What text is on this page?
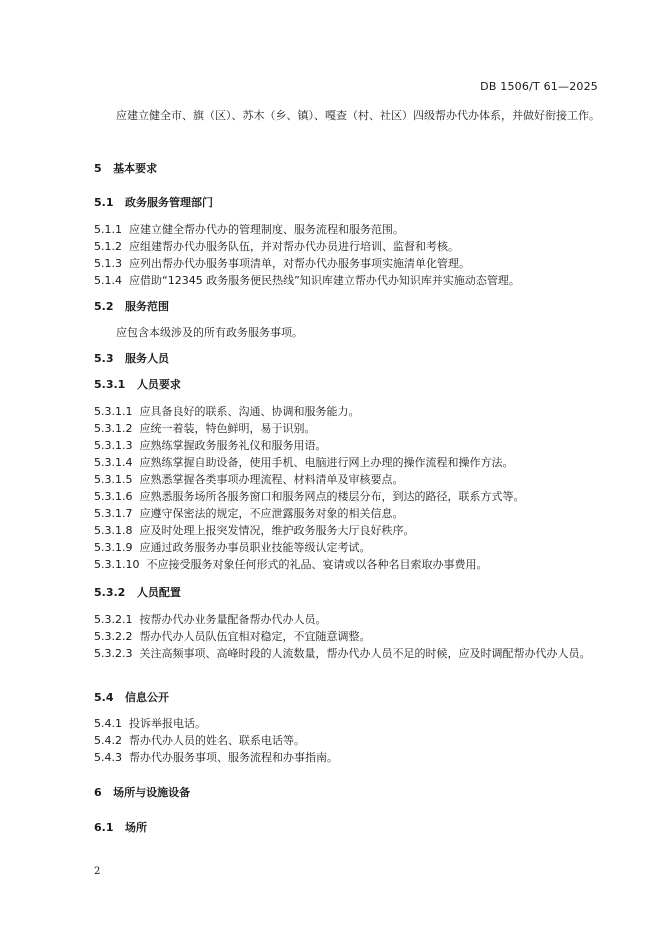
DB 1506/T 61—2025
应建立健全市、旗（区）、苏木（乡、镇）、嘎查（村、社区）四级帮办代办体系，并做好衔接工作。
5 基本要求
5.1 政务服务管理部门
5.1.1 应建立健全帮办代办的管理制度、服务流程和服务范围。
5.1.2 应组建帮办代办服务队伍，并对帮办代办员进行培训、监督和考核。
5.1.3 应列出帮办代办服务事项清单，对帮办代办服务事项实施清单化管理。
5.1.4 应借助“12345 政务服务便民热线”知识库建立帮办代办知识库并实施动态管理。
5.2 服务范围
应包含本级涉及的所有政务服务事项。
5.3 服务人员
5.3.1 人员要求
5.3.1.1 应具备良好的联系、沟通、协调和服务能力。
5.3.1.2 应统一着装，特色鲜明，易于识别。
5.3.1.3 应熟练掌握政务服务礼仪和服务用语。
5.3.1.4 应熟练掌握自助设备，使用手机、电脑进行网上办理的操作流程和操作方法。
5.3.1.5 应熟悉掌握各类事项办理流程、材料清单及审核要点。
5.3.1.6 应熟悉服务场所各服务窗口和服务网点的楼层分布，到达的路径，联系方式等。
5.3.1.7 应遵守保密法的规定，不应泄露服务对象的相关信息。
5.3.1.8 应及时处理上报突发情况，维护政务服务大厅良好秩序。
5.3.1.9 应通过政务服务办事员职业技能等级认定考试。
5.3.1.10 不应接受服务对象任何形式的礼品、宴请或以各种名目索取办事费用。
5.3.2 人员配置
5.3.2.1 按帮办代办业务量配备帮办代办人员。
5.3.2.2 帮办代办人员队伍宜相对稳定，不宜随意调整。
5.3.2.3 关注高频事项、高峰时段的人流数量，帮办代办人员不足的时候，应及时调配帮办代办人员。
5.4 信息公开
5.4.1 投诉举报电话。
5.4.2 帮办代办人员的姓名、联系电话等。
5.4.3 帮办代办服务事项、服务流程和办事指南。
6 场所与设施设备
6.1 场所
2
